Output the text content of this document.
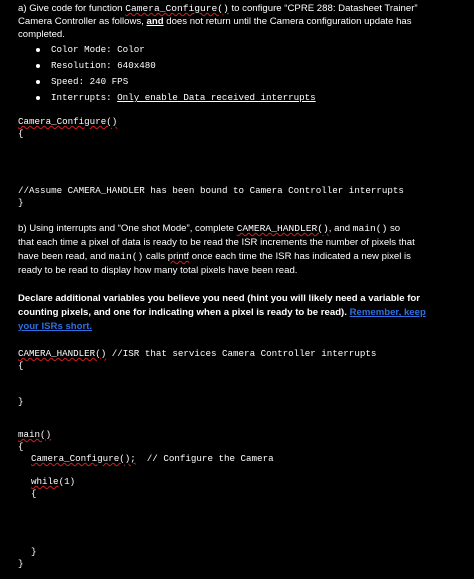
a) Give code for function Camera_Configure() to configure “CPRE 288: Datasheet Trainer”
Camera Controller as follows, and does not return until the Camera configuration update has
completed.
Color Mode: Color
Resolution: 640x480
Speed: 240 FPS
Interrupts: Only enable Data received interrupts
Camera_Configure()
{
//Assume CAMERA_HANDLER has been bound to Camera Controller interrupts
}
b) Using interrupts and “One shot Mode”, complete CAMERA_HANDLER(), and main() so
that each time a pixel of data is ready to be read the ISR increments the number of pixels that
have been read, and main() calls printf once each time the ISR has indicated a new pixel is
ready to be read to display how many total pixels have been read.
Declare additional variables you believe you need (hint you will likely need a variable for
counting pixels, and one for indicating when a pixel is ready to be read). Remember, keep
your ISRs short.
CAMERA_HANDLER() //ISR that services Camera Controller interrupts
{
}
main()
{
Camera_Configure();  // Configure the Camera
while(1)
{
}
}
